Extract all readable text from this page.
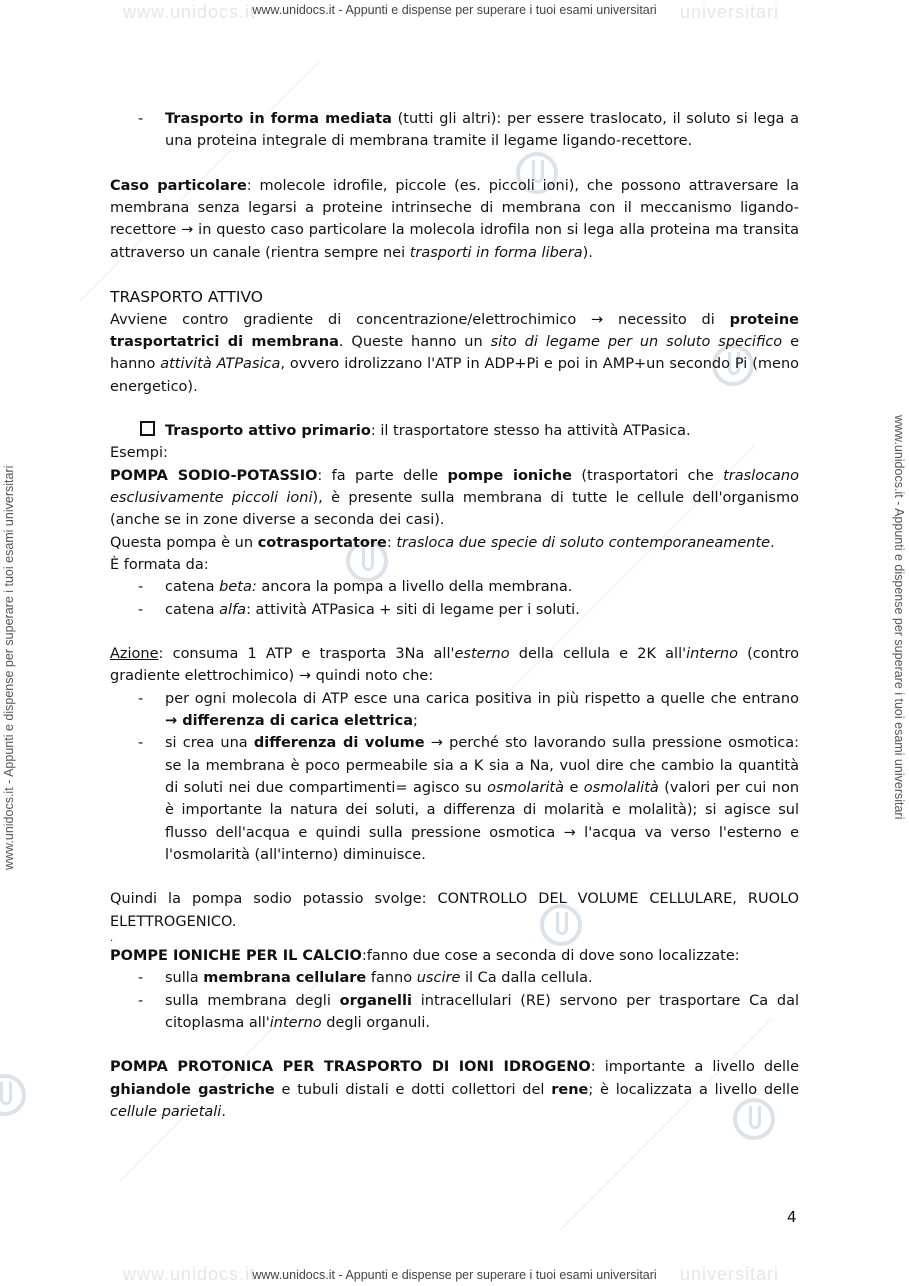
www.unidocs.it	universitari
www.unidocs.it	universitari
www.unidocs.it - Appunti e dispense per superare i tuoi esami universitari
www.unidocs.it - Appunti e dispense per superare i tuoi esami universitari
www.unidocs.it - Appunti e dispense per superare i tuoi esami universitari	www.unidocs.it - Appunti e dispense per superare i tuoi esami universitari
- Trasporto in forma mediata (tutti gli altri): per essere traslocato, il soluto si lega a una proteina integrale di membrana tramite il legame ligando-recettore.

Caso particolare: molecole idrofile, piccole (es. piccoli ioni), che possono attraversare la membrana senza legarsi a proteine intrinseche di membrana con il meccanismo ligando-recettore → in questo caso particolare la molecola idrofila non si lega alla proteina ma transita attraverso un canale (rientra sempre nei trasporti in forma libera).

TRASPORTO ATTIVO

Avviene contro gradiente di concentrazione/elettrochimico → necessito di proteine trasportatrici di membrana. Queste hanno un sito di legame per un soluto specifico e hanno attività ATPasica, ovvero idrolizzano l'ATP in ADP+Pi e poi in AMP+un secondo Pi (meno energetico).

Trasporto attivo primario: il trasportatore stesso ha attività ATPasica.
Esempi:

POMPA SODIO-POTASSIO: fa parte delle pompe ioniche (trasportatori che traslocano esclusivamente piccoli ioni), è presente sulla membrana di tutte le cellule dell'organismo (anche se in zone diverse a seconda dei casi).

Questa pompa è un cotrasportatore: trasloca due specie di soluto contemporaneamente.

È formata da:
- catena beta: ancora la pompa a livello della membrana.
- catena alfa: attività ATPasica + siti di legame per i soluti.

Azione: consuma 1 ATP e trasporta 3Na all'esterno della cellula e 2K all'interno (contro gradiente elettrochimico) → quindi noto che:

- per ogni molecola di ATP esce una carica positiva in più rispetto a quelle che entrano → differenza di carica elettrica;
- si crea una differenza di volume → perché sto lavorando sulla pressione osmotica: se la membrana è poco permeabile sia a K sia a Na, vuol dire che cambio la quantità di soluti nei due compartimenti= agisco su osmolarità e osmolalità (valori per cui non è importante la natura dei soluti, a differenza di molarità e molalità); si agisce sul flusso dell'acqua e quindi sulla pressione osmotica → l'acqua va verso l'esterno e l'osmolarità (all'interno) diminuisce.

Quindi la pompa sodio potassio svolge: CONTROLLO DEL VOLUME CELLULARE, RUOLO ELETTROGENICO.

.

POMPE IONICHE PER IL CALCIO:fanno due cose a seconda di dove sono localizzate:

- sulla membrana cellulare fanno uscire il Ca dalla cellula.
- sulla membrana degli organelli intracellulari (RE) servono per trasportare Ca dal citoplasma all'interno degli organuli.

POMPA PROTONICA PER TRASPORTO DI IONI IDROGENO: importante a livello delle ghiandole gastriche e tubuli distali e dotti collettori del rene; è localizzata a livello delle cellule parietali.

4
